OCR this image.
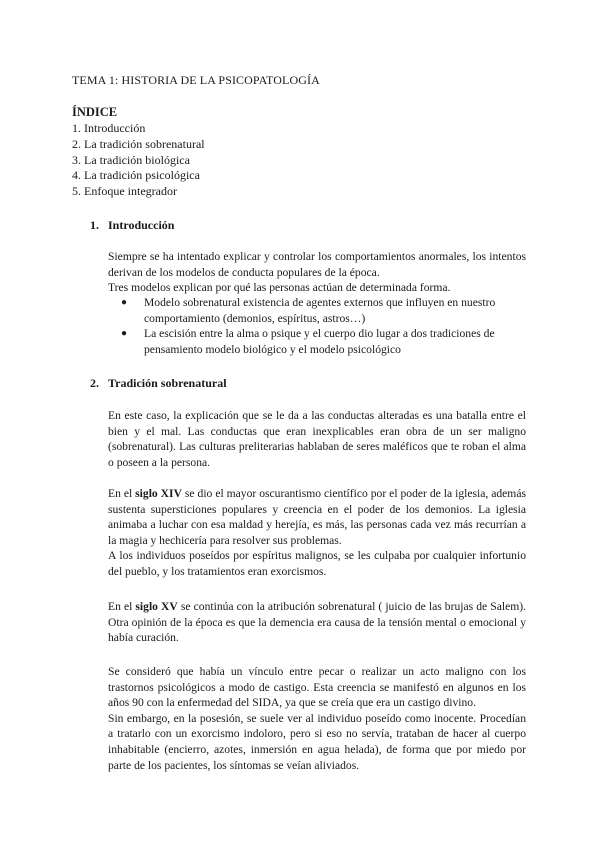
TEMA 1: HISTORIA DE LA PSICOPATOLOGÍA
ÍNDICE
1. Introducción
2. La tradición sobrenatural
3. La tradición biológica
4. La tradición psicológica
5. Enfoque integrador
1. Introducción

Siempre se ha intentado explicar y controlar los comportamientos anormales, los intentos derivan de los modelos de conducta populares de la época.
Tres modelos explican por qué las personas actúan de determinada forma.

● Modelo sobrenatural existencia de agentes externos que influyen en nuestro comportamiento (demonios, espíritus, astros…)
● La escisión entre la alma o psique y el cuerpo dio lugar a dos tradiciones de pensamiento modelo biológico y el modelo psicológico
2. Tradición sobrenatural

En este caso, la explicación que se le da a las conductas alteradas es una batalla entre el bien y el mal. Las conductas que eran inexplicables eran obra de un ser maligno (sobrenatural). Las culturas preliterarias hablaban de seres maléficos que te roban el alma o poseen a la persona.

En el siglo XIV se dio el mayor oscurantismo científico por el poder de la iglesia, además sustenta supersticiones populares y creencia en el poder de los demonios. La iglesia animaba a luchar con esa maldad y herejía, es más, las personas cada vez más recurrían a la magia y hechicería para resolver sus problemas.
A los individuos poseídos por espíritus malignos, se les culpaba por cualquier infortunio del pueblo, y los tratamientos eran exorcismos.

En el siglo XV se continúa con la atribución sobrenatural ( juicio de las brujas de Salem). Otra opinión de la época es que la demencia era causa de la tensión mental o emocional y había curación.

Se consideró que había un vínculo entre pecar o realizar un acto maligno con los trastornos psicológicos a modo de castigo. Esta creencia se manifestó en algunos en los años 90 con la enfermedad del SIDA, ya que se creía que era un castigo divino.
Sin embargo, en la posesión, se suele ver al individuo poseído como inocente. Procedían a tratarlo con un exorcismo indoloro, pero si eso no servía, trataban de hacer al cuerpo inhabitable (encierro, azotes, inmersión en agua helada), de forma que por miedo por parte de los pacientes, los síntomas se veían aliviados.
